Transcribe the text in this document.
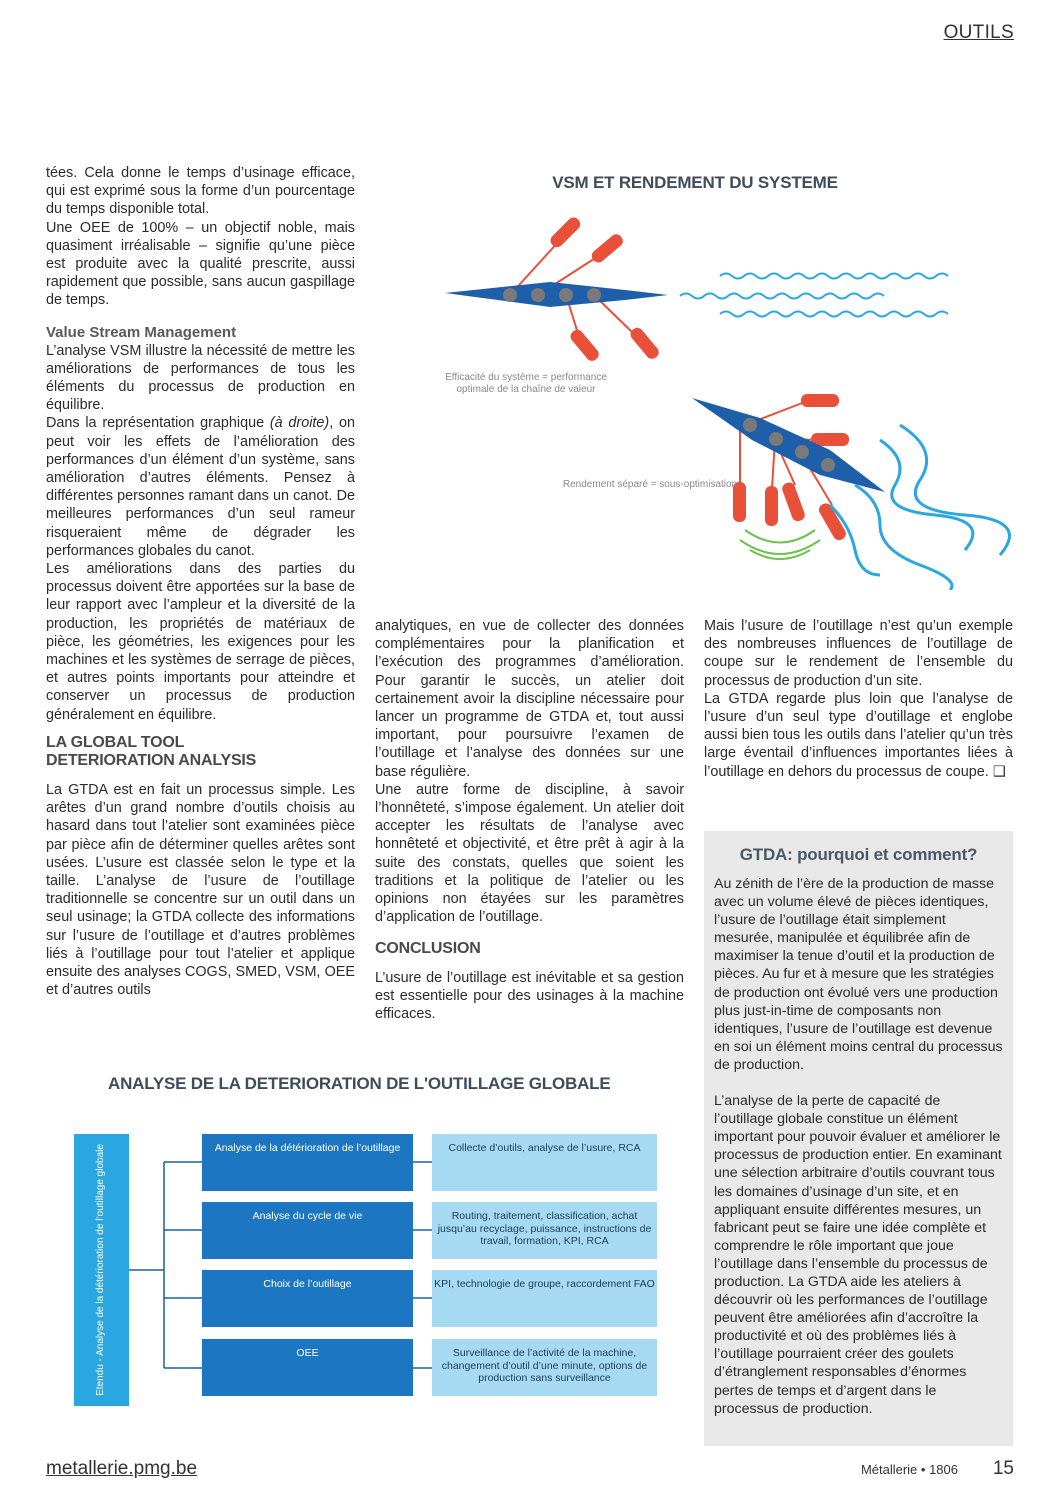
OUTILS

tées. Cela donne le temps d’usinage efficace, qui est exprimé sous la forme d’un pourcentage du temps disponible total.

Une OEE de 100% – un objectif noble, mais quasiment irréalisable – signifie qu’une pièce est produite avec la qualité prescrite, aussi rapidement que possible, sans aucun gaspillage de temps.

Value Stream Management

L’analyse VSM illustre la nécessité de mettre les améliorations de performances de tous les éléments du processus de production en équilibre.

Dans la représentation graphique (à droite), on peut voir les effets de l’amélioration des performances d’un élément d’un système, sans amélioration d’autres éléments. Pensez à différentes personnes ramant dans un canot. De meilleures performances d’un seul rameur risqueraient même de dégrader les performances globales du canot.

Les améliorations dans des parties du processus doivent être apportées sur la base de leur rapport avec l’ampleur et la diversité de la production, les propriétés de matériaux de pièce, les géométries, les exigences pour les machines et les systèmes de serrage de pièces, et autres points importants pour atteindre et conserver un processus de production généralement en équilibre.

LA GLOBAL TOOL
DETERIORATION ANALYSIS

La GTDA est en fait un processus simple. Les arêtes d’un grand nombre d’outils choisis au hasard dans tout l’atelier sont examinées pièce par pièce afin de déterminer quelles arêtes sont usées. L’usure est classée selon le type et la taille. L’analyse de l’usure de l’outillage traditionnelle se concentre sur un outil dans un seul usinage; la GTDA collecte des informations sur l’usure de l’outillage et d’autres problèmes liés à l’outillage pour tout l’atelier et applique ensuite des analyses COGS, SMED, VSM, OEE et d’autres outils

VSM ET RENDEMENT DU SYSTEME
Efficacité du système = performance optimale de la chaîne de valeur
Rendement séparé = sous-optimisation

analytiques, en vue de collecter des données complémentaires pour la planification et l’exécution des programmes d’amélioration. Pour garantir le succès, un atelier doit certainement avoir la discipline nécessaire pour lancer un programme de GTDA et, tout aussi important, pour poursuivre l’examen de l’outillage et l’analyse des données sur une base régulière.

Une autre forme de discipline, à savoir l’honnêteté, s’impose également. Un atelier doit accepter les résultats de l’analyse avec honnêteté et objectivité, et être prêt à agir à la suite des constats, quelles que soient les traditions et la politique de l’atelier ou les opinions non étayées sur les paramètres d’application de l’outillage.

CONCLUSION

L’usure de l’outillage est inévitable et sa gestion est essentielle pour des usinages à la machine efficaces.

Mais l’usure de l’outillage n’est qu’un exemple des nombreuses influences de l’outillage de coupe sur le rendement de l’ensemble du processus de production d’un site.

La GTDA regarde plus loin que l’analyse de l’usure d’un seul type d’outillage et englobe aussi bien tous les outils dans l’atelier qu’un très large éventail d’influences importantes liées à l’outillage en dehors du processus de coupe. ❑

ANALYSE DE LA DETERIORATION DE L'OUTILLAGE GLOBALE
Etendu - Analyse de la détérioration de l’outillage globale	Analyse de la détérioration de l’outillage	Collecte d’outils, analyse de l’usure, RCA
Analyse du cycle de vie	Routing, traitement, classification, achat jusqu’au recyclage, puissance, instructions de travail, formation, KPI, RCA
Choix de l’outillage	KPI, technologie de groupe, raccordement FAO
OEE	Surveillance de l’activité de la machine, changement d’outil d’une minute, options de production sans surveillance
GTDA: pourquoi et comment?

Au zénith de l’ère de la production de masse avec un volume élevé de pièces identiques, l’usure de l’outillage était simplement mesurée, manipulée et équilibrée afin de maximiser la tenue d’outil et la production de pièces. Au fur et à mesure que les stratégies de production ont évolué vers une production plus just-in-time de composants non identiques, l’usure de l’outillage est devenue en soi un élément moins central du processus de production.

L’analyse de la perte de capacité de l’outillage globale constitue un élément important pour pouvoir évaluer et améliorer le processus de production entier. En examinant une sélection arbitraire d’outils couvrant tous les domaines d’usinage d’un site, et en appliquant ensuite différentes mesures, un fabricant peut se faire une idée complète et comprendre le rôle important que joue l’outillage dans l’ensemble du processus de production. La GTDA aide les ateliers à découvrir où les performances de l’outillage peuvent être améliorées afin d’accroître la productivité et où des problèmes liés à l’outillage pourraient créer des goulets d’étranglement responsables d’énormes pertes de temps et d’argent dans le processus de production.

metallerie.pmg.be	Métallerie • 1806 15
